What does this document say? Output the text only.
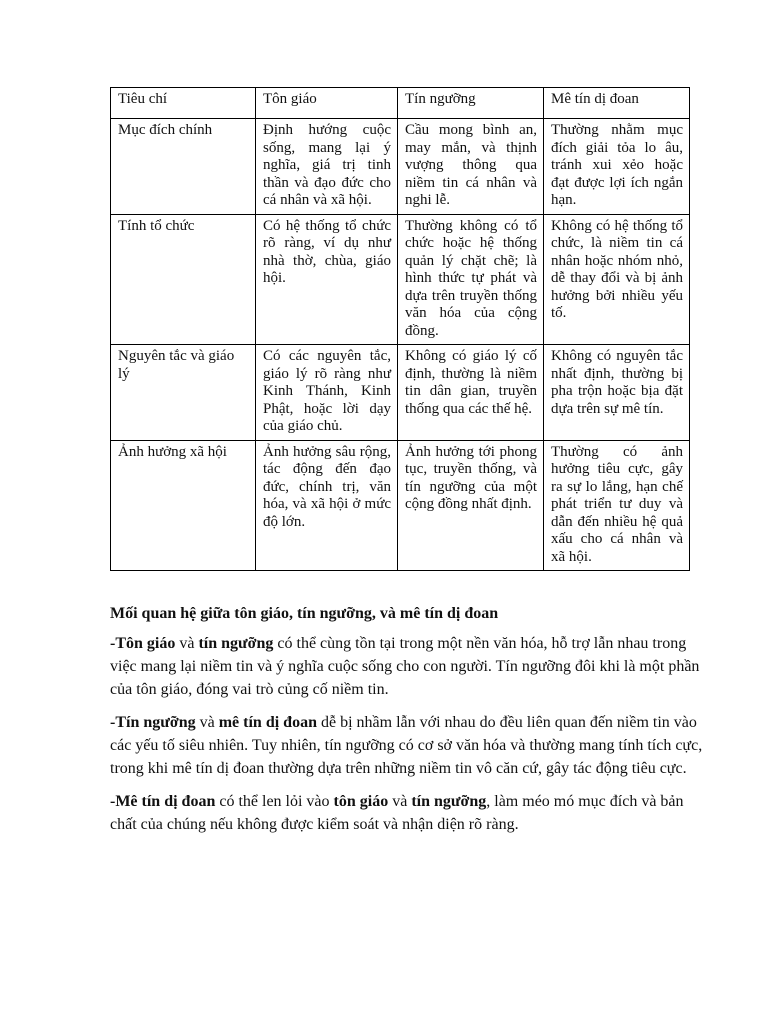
Tiêu chí	Tôn giáo	Tín ngưỡng	Mê tín dị đoan
Mục đích chính	Định hướng cuộc sống, mang lại ý nghĩa, giá trị tinh thần và đạo đức cho cá nhân và xã hội.	Cầu mong bình an, may mắn, và thịnh vượng thông qua niềm tin cá nhân và nghi lễ.	Thường nhằm mục đích giải tỏa lo âu, tránh xui xẻo hoặc đạt được lợi ích ngắn hạn.
Tính tổ chức	Có hệ thống tổ chức rõ ràng, ví dụ như nhà thờ, chùa, giáo hội.	Thường không có tổ chức hoặc hệ thống quản lý chặt chẽ; là hình thức tự phát và dựa trên truyền thống văn hóa của cộng đồng.	Không có hệ thống tổ chức, là niềm tin cá nhân hoặc nhóm nhỏ, dễ thay đổi và bị ảnh hưởng bởi nhiều yếu tố.
Nguyên tắc và giáo lý	Có các nguyên tắc, giáo lý rõ ràng như Kinh Thánh, Kinh Phật, hoặc lời dạy của giáo chủ.	Không có giáo lý cố định, thường là niềm tin dân gian, truyền thống qua các thế hệ.	Không có nguyên tắc nhất định, thường bị pha trộn hoặc bịa đặt dựa trên sự mê tín.
Ảnh hưởng xã hội	Ảnh hưởng sâu rộng, tác động đến đạo đức, chính trị, văn hóa, và xã hội ở mức độ lớn.	Ảnh hưởng tới phong tục, truyền thống, và tín ngưỡng của một cộng đồng nhất định.	Thường có ảnh hưởng tiêu cực, gây ra sự lo lắng, hạn chế phát triển tư duy và dẫn đến nhiều hệ quả xấu cho cá nhân và xã hội.
Mối quan hệ giữa tôn giáo, tín ngưỡng, và mê tín dị đoan

-Tôn giáo và tín ngưỡng có thể cùng tồn tại trong một nền văn hóa, hỗ trợ lẫn nhau trong việc mang lại niềm tin và ý nghĩa cuộc sống cho con người. Tín ngưỡng đôi khi là một phần của tôn giáo, đóng vai trò củng cố niềm tin.

-Tín ngưỡng và mê tín dị đoan dễ bị nhầm lẫn với nhau do đều liên quan đến niềm tin vào các yếu tố siêu nhiên. Tuy nhiên, tín ngưỡng có cơ sở văn hóa và thường mang tính tích cực, trong khi mê tín dị đoan thường dựa trên những niềm tin vô căn cứ, gây tác động tiêu cực.

-Mê tín dị đoan có thể len lỏi vào tôn giáo và tín ngưỡng, làm méo mó mục đích và bản chất của chúng nếu không được kiểm soát và nhận diện rõ ràng.
